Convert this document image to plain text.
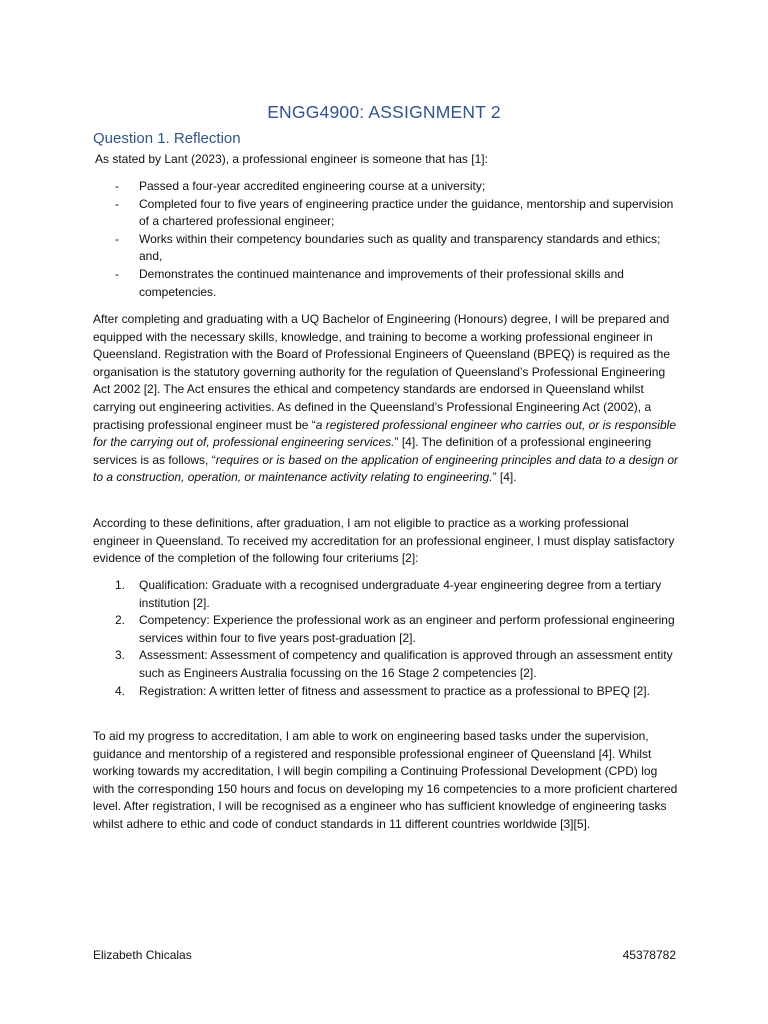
ENGG4900: ASSIGNMENT 2
Question 1. Reflection
As stated by Lant (2023), a professional engineer is someone that has [1]:
- Passed a four-year accredited engineering course at a university;
- Completed four to five years of engineering practice under the guidance, mentorship and supervision of a chartered professional engineer;
- Works within their competency boundaries such as quality and transparency standards and ethics; and,
- Demonstrates the continued maintenance and improvements of their professional skills and competencies.

After completing and graduating with a UQ Bachelor of Engineering (Honours) degree, I will be prepared and equipped with the necessary skills, knowledge, and training to become a working professional engineer in Queensland. Registration with the Board of Professional Engineers of Queensland (BPEQ) is required as the organisation is the statutory governing authority for the regulation of Queensland’s Professional Engineering Act 2002 [2]. The Act ensures the ethical and competency standards are endorsed in Queensland whilst carrying out engineering activities. As defined in the Queensland’s Professional Engineering Act (2002), a practising professional engineer must be “a registered professional engineer who carries out, or is responsible for the carrying out of, professional engineering services.” [4]. The definition of a professional engineering services is as follows, “requires or is based on the application of engineering principles and data to a design or to a construction, operation, or maintenance activity relating to engineering.” [4].

According to these definitions, after graduation, I am not eligible to practice as a working professional engineer in Queensland. To received my accreditation for an professional engineer, I must display satisfactory evidence of the completion of the following four criteriums [2]:

1. Qualification: Graduate with a recognised undergraduate 4-year engineering degree from a tertiary institution [2].
2. Competency: Experience the professional work as an engineer and perform professional engineering services within four to five years post-graduation [2].
3. Assessment: Assessment of competency and qualification is approved through an assessment entity such as Engineers Australia focussing on the 16 Stage 2 competencies [2].
4. Registration: A written letter of fitness and assessment to practice as a professional to BPEQ [2].

To aid my progress to accreditation, I am able to work on engineering based tasks under the supervision, guidance and mentorship of a registered and responsible professional engineer of Queensland [4]. Whilst working towards my accreditation, I will begin compiling a Continuing Professional Development (CPD) log with the corresponding 150 hours and focus on developing my 16 competencies to a more proficient chartered level. After registration, I will be recognised as a engineer who has sufficient knowledge of engineering tasks whilst adhere to ethic and code of conduct standards in 11 different countries worldwide [3][5].

Elizabeth Chicalas	45378782
